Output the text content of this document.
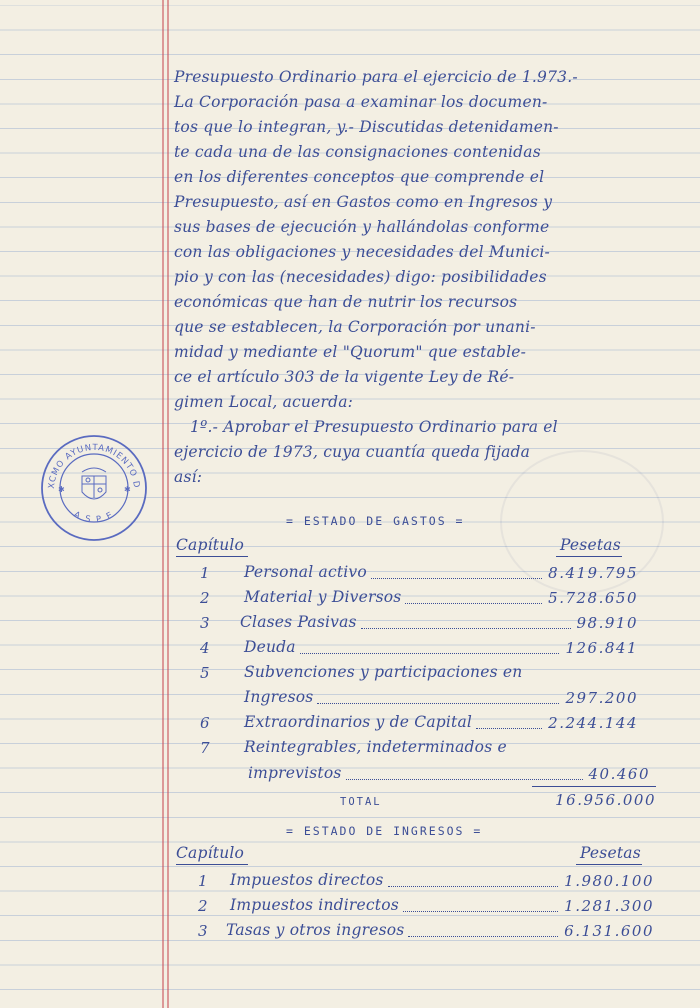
XCMO AYUNTAMIENTO D
A S P E
✱	✱
Presupuesto Ordinario para el ejercicio de 1.973.-
La Corporación pasa a examinar los documen-
tos que lo integran, y.- Discutidas detenidamen-
te cada una de las consignaciones contenidas
en los diferentes conceptos que comprende el
Presupuesto, así en Gastos como en Ingresos y
sus bases de ejecución y hallándolas conforme
con las obligaciones y necesidades del Munici-
pio y con las (necesidades) digo: posibilidades
económicas que han de nutrir los recursos
que se establecen, la Corporación por unani-
midad y mediante el "Quorum" que estable-
ce el artículo 303 de la vigente Ley de Ré-
gimen Local, acuerda:
1º.- Aprobar el Presupuesto Ordinario para el
ejercicio de 1973, cuya cuantía queda fijada
así:
= ESTADO DE GASTOS =
Capítulo	Pesetas
1 Personal activo	8.419.795
2 Material y Diversos	5.728.650
3 Clases Pasivas	98.910
4 Deuda	126.841
5 Subvenciones y participaciones en
Ingresos	297.200
6 Extraordinarios y de Capital	2.244.144
7 Reintegrables, indeterminados e
imprevistos	40.460
TOTAL	16.956.000
= ESTADO DE INGRESOS =
Capítulo	Pesetas
1 Impuestos directos	1.980.100
2 Impuestos indirectos	1.281.300
3 Tasas y otros ingresos	6.131.600
